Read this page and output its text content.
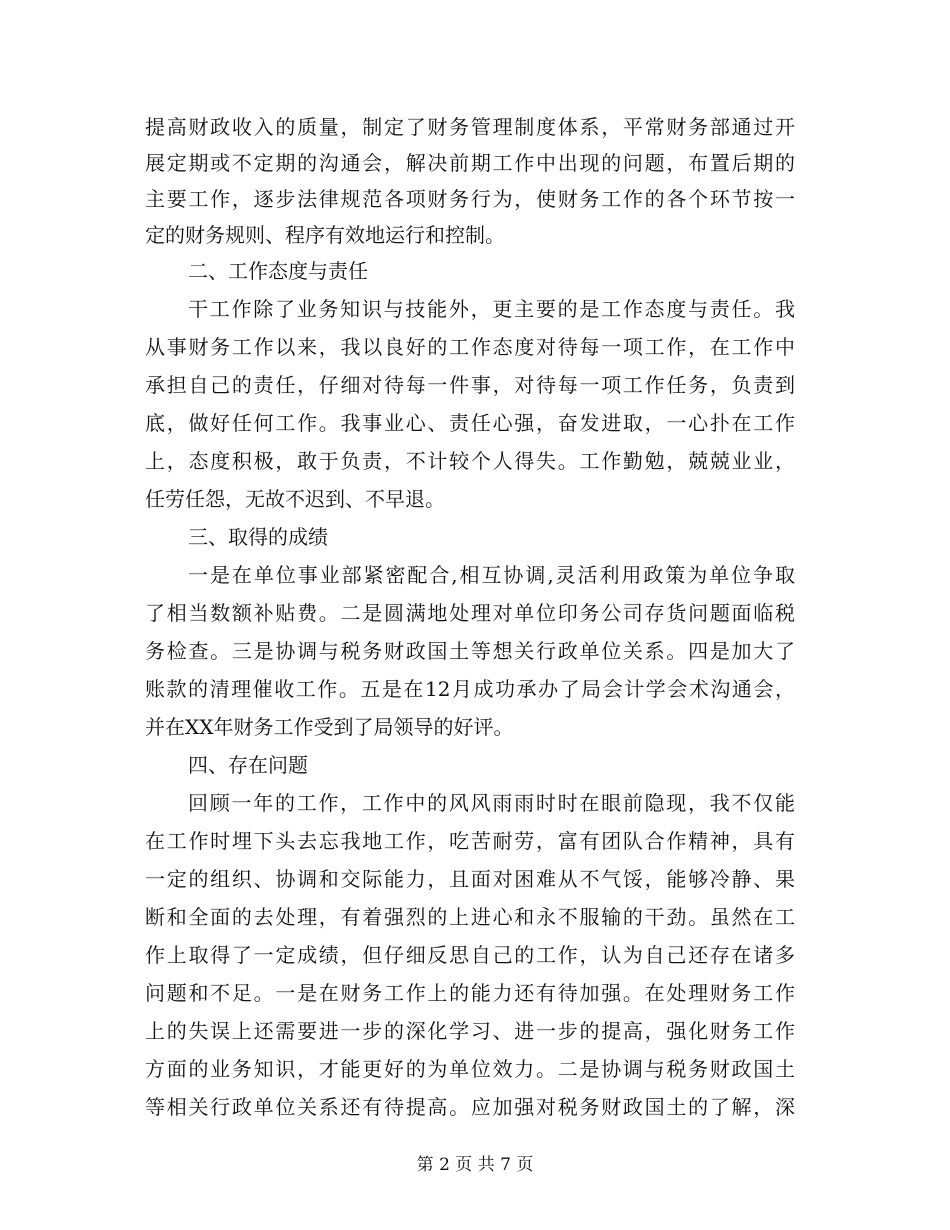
提高财政收入的质量，制定了财务管理制度体系，平常财务部通过开
展定期或不定期的沟通会，解决前期工作中出现的问题，布置后期的
主要工作，逐步法律规范各项财务行为，使财务工作的各个环节按一
定的财务规则、程序有效地运行和控制。
二、工作态度与责任
干工作除了业务知识与技能外，更主要的是工作态度与责任。我
从事财务工作以来，我以良好的工作态度对待每一项工作，在工作中
承担自己的责任，仔细对待每一件事，对待每一项工作任务，负责到
底，做好任何工作。我事业心、责任心强，奋发进取，一心扑在工作
上，态度积极，敢于负责，不计较个人得失。工作勤勉，兢兢业业，
任劳任怨，无故不迟到、不早退。
三、取得的成绩
一是在单位事业部紧密配合,相互协调,灵活利用政策为单位争取
了相当数额补贴费。二是圆满地处理对单位印务公司存货问题面临税
务检查。三是协调与税务财政国土等想关行政单位关系。四是加大了
账款的清理催收工作。五是在12月成功承办了局会计学会术沟通会，
并在XX年财务工作受到了局领导的好评。
四、存在问题
回顾一年的工作，工作中的风风雨雨时时在眼前隐现，我不仅能
在工作时埋下头去忘我地工作，吃苦耐劳，富有团队合作精神，具有
一定的组织、协调和交际能力，且面对困难从不气馁，能够冷静、果
断和全面的去处理，有着强烈的上进心和永不服输的干劲。虽然在工
作上取得了一定成绩，但仔细反思自己的工作，认为自己还存在诸多
问题和不足。一是在财务工作上的能力还有待加强。在处理财务工作
上的失误上还需要进一步的深化学习、进一步的提高，强化财务工作
方面的业务知识，才能更好的为单位效力。二是协调与税务财政国土
等相关行政单位关系还有待提高。应加强对税务财政国土的了解，深
第 2 页 共 7 页
